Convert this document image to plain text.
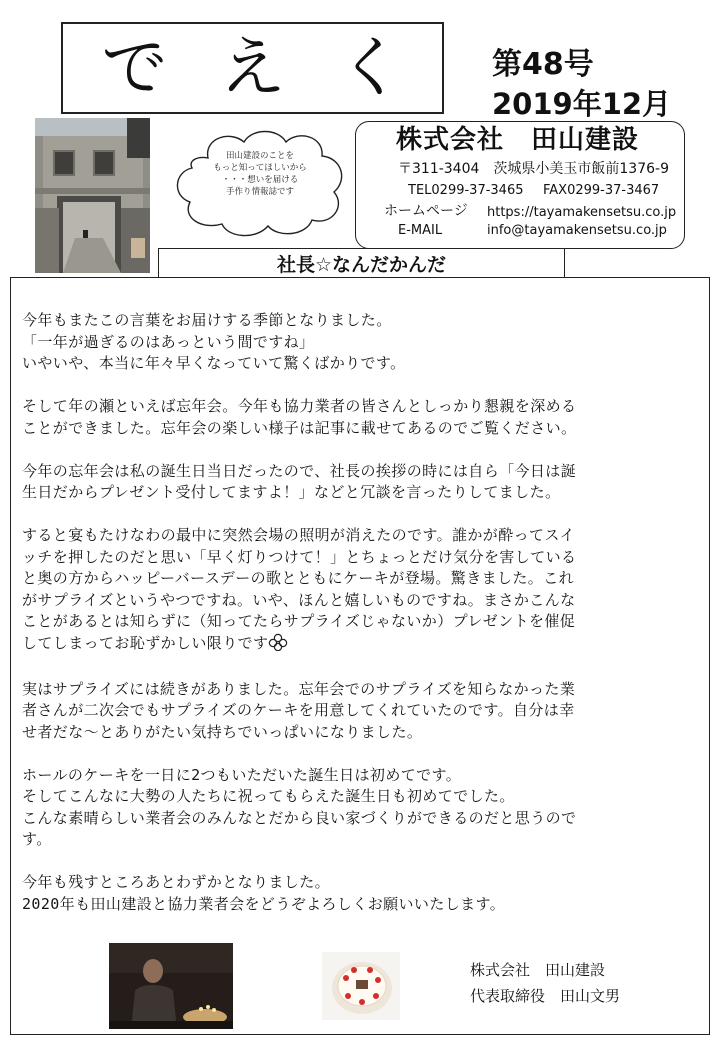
でえく 第48号
2019年12月
田山建設のことを
もっと知ってほしいから
・・・想いを届ける
手作り情報誌です
株式会社　田山建設
〒311-3404　茨城県小美玉市飯前1376-9
TEL0299-37-3465 FAX0299-37-3467
ホームページ https://tayamakensetsu.co.jp
E-MAIL	info@tayamakensetsu.co.jp
社長☆なんだかんだ
今年もまたこの言葉をお届けする季節となりました。
「一年が過ぎるのはあっという間ですね」
いやいや、本当に年々早くなっていて驚くばかりです。
そして年の瀬といえば忘年会。今年も協力業者の皆さんとしっかり懇親を深める
ことができました。忘年会の楽しい様子は記事に載せてあるのでご覧ください。
今年の忘年会は私の誕生日当日だったので、社長の挨拶の時には自ら「今日は誕
生日だからプレゼント受付してますよ！」などと冗談を言ったりしてました。
すると宴もたけなわの最中に突然会場の照明が消えたのです。誰かが酔ってスイ
ッチを押したのだと思い「早く灯りつけて！」とちょっとだけ気分を害している
と奥の方からハッピーバースデーの歌とともにケーキが登場。驚きました。これ
がサプライズというやつですね。いや、ほんと嬉しいものですね。まさかこんな
ことがあるとは知らずに（知ってたらサプライズじゃないか）プレゼントを催促
してしまってお恥ずかしい限りです
実はサプライズには続きがありました。忘年会でのサプライズを知らなかった業
者さんが二次会でもサプライズのケーキを用意してくれていたのです。自分は幸
せ者だな～とありがたい気持ちでいっぱいになりました。
ホールのケーキを一日に2つもいただいた誕生日は初めてです。
そしてこんなに大勢の人たちに祝ってもらえた誕生日も初めてでした。
こんな素晴らしい業者会のみんなとだから良い家づくりができるのだと思うので
す。
今年も残すところあとわずかとなりました。
2020年も田山建設と協力業者会をどうぞよろしくお願いいたします。
株式会社　田山建設
代表取締役　田山文男
